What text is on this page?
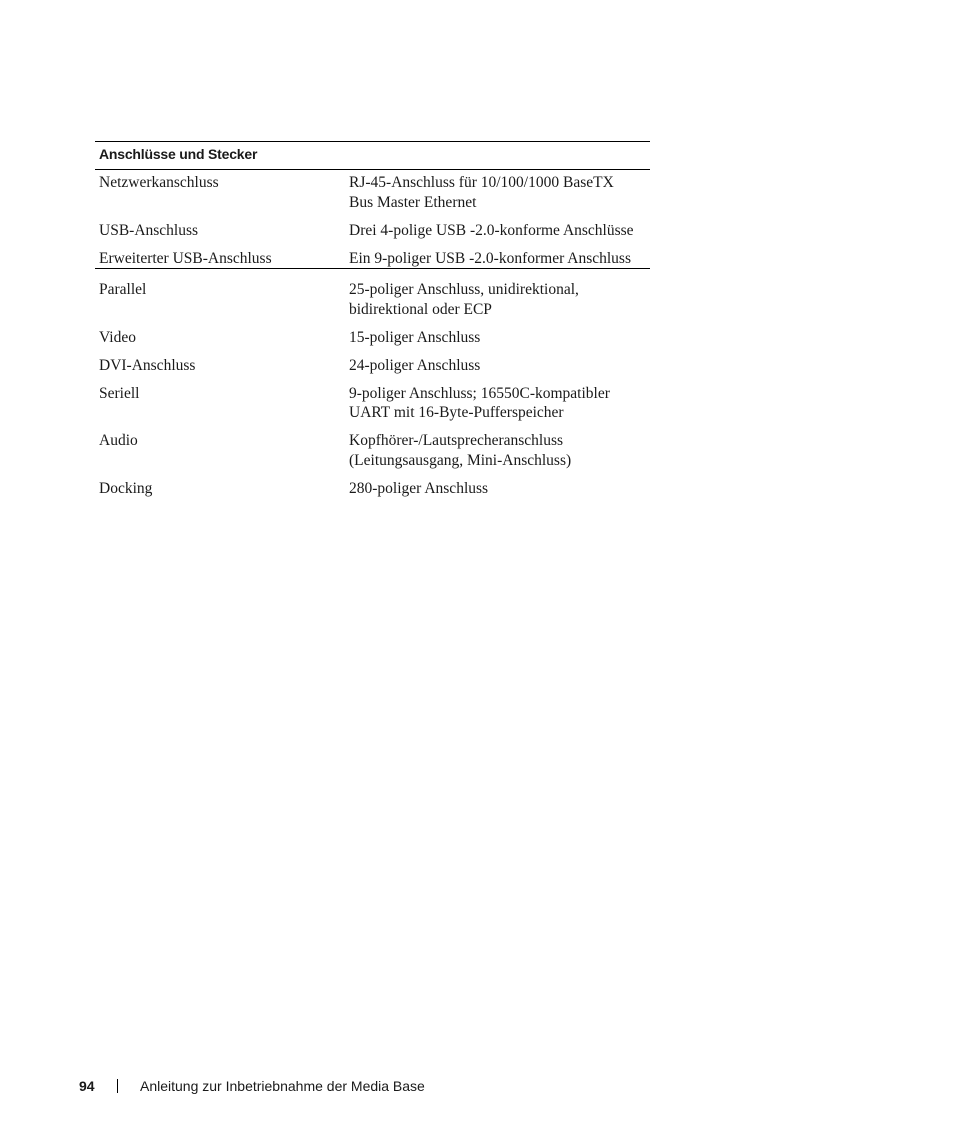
Anschlüsse und Stecker
Netzwerkanschluss	RJ-45-Anschluss für 10/100/1000 BaseTX
Bus Master Ethernet
USB-Anschluss	Drei 4-polige USB -2.0-konforme Anschlüsse
Erweiterter USB-Anschluss	Ein 9-poliger USB -2.0-konformer Anschluss
Parallel	25-poliger Anschluss, unidirektional,
bidirektional oder ECP
Video	15-poliger Anschluss
DVI-Anschluss	24-poliger Anschluss
Seriell	9-poliger Anschluss; 16550C-kompatibler
UART mit 16-Byte-Pufferspeicher
Audio	Kopfhörer-/Lautsprecheranschluss
(Leitungsausgang, Mini-Anschluss)
Docking	280-poliger Anschluss
94	Anleitung zur Inbetriebnahme der Media Base
